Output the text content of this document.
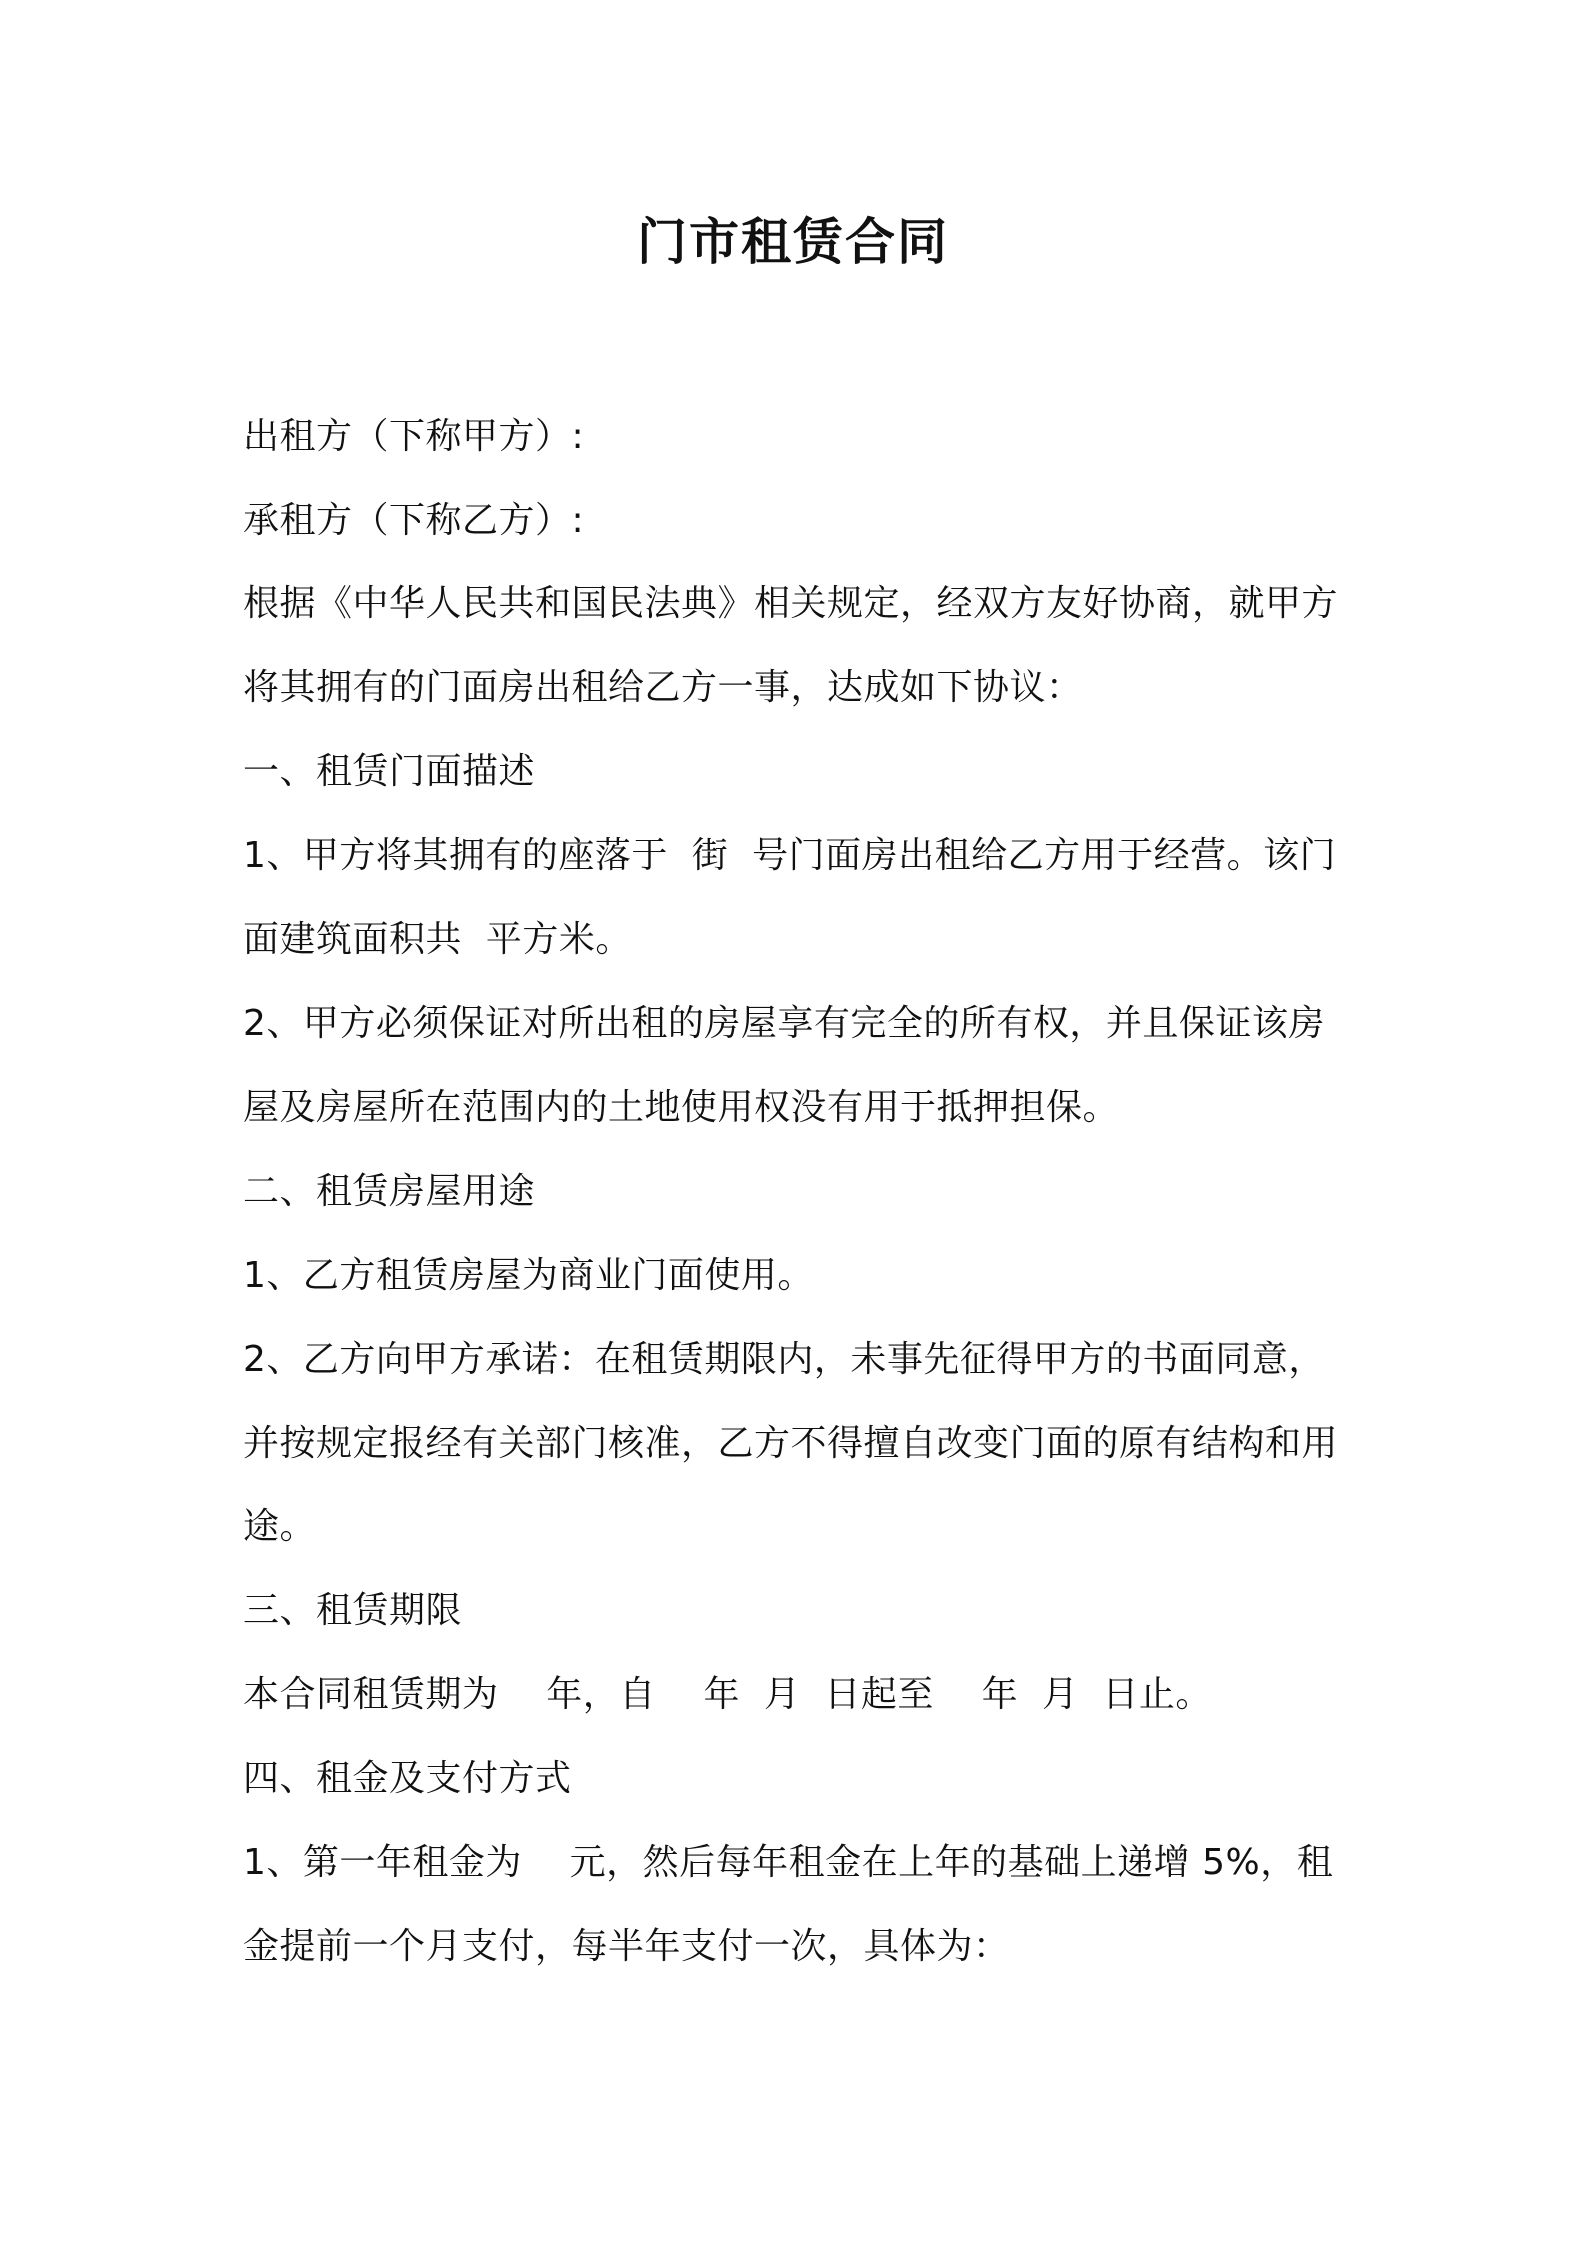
门市租赁合同
出租方（下称甲方）:
承租方（下称乙方）:
根据《中华人民共和国民法典》相关规定，经双方友好协商，就甲方
将其拥有的门面房出租给乙方一事，达成如下协议：
一、租赁门面描述
1、甲方将其拥有的座落于  街  号门面房出租给乙方用于经营。该门
面建筑面积共  平方米。
2、甲方必须保证对所出租的房屋享有完全的所有权，并且保证该房
屋及房屋所在范围内的土地使用权没有用于抵押担保。
二、租赁房屋用途
1、乙方租赁房屋为商业门面使用。
2、乙方向甲方承诺：在租赁期限内，未事先征得甲方的书面同意，
并按规定报经有关部门核准，乙方不得擅自改变门面的原有结构和用
途。
三、租赁期限
本合同租赁期为    年，自    年  月  日起至    年  月  日止。
四、租金及支付方式
1、第一年租金为    元，然后每年租金在上年的基础上递增 5%，租
金提前一个月支付，每半年支付一次，具体为：
